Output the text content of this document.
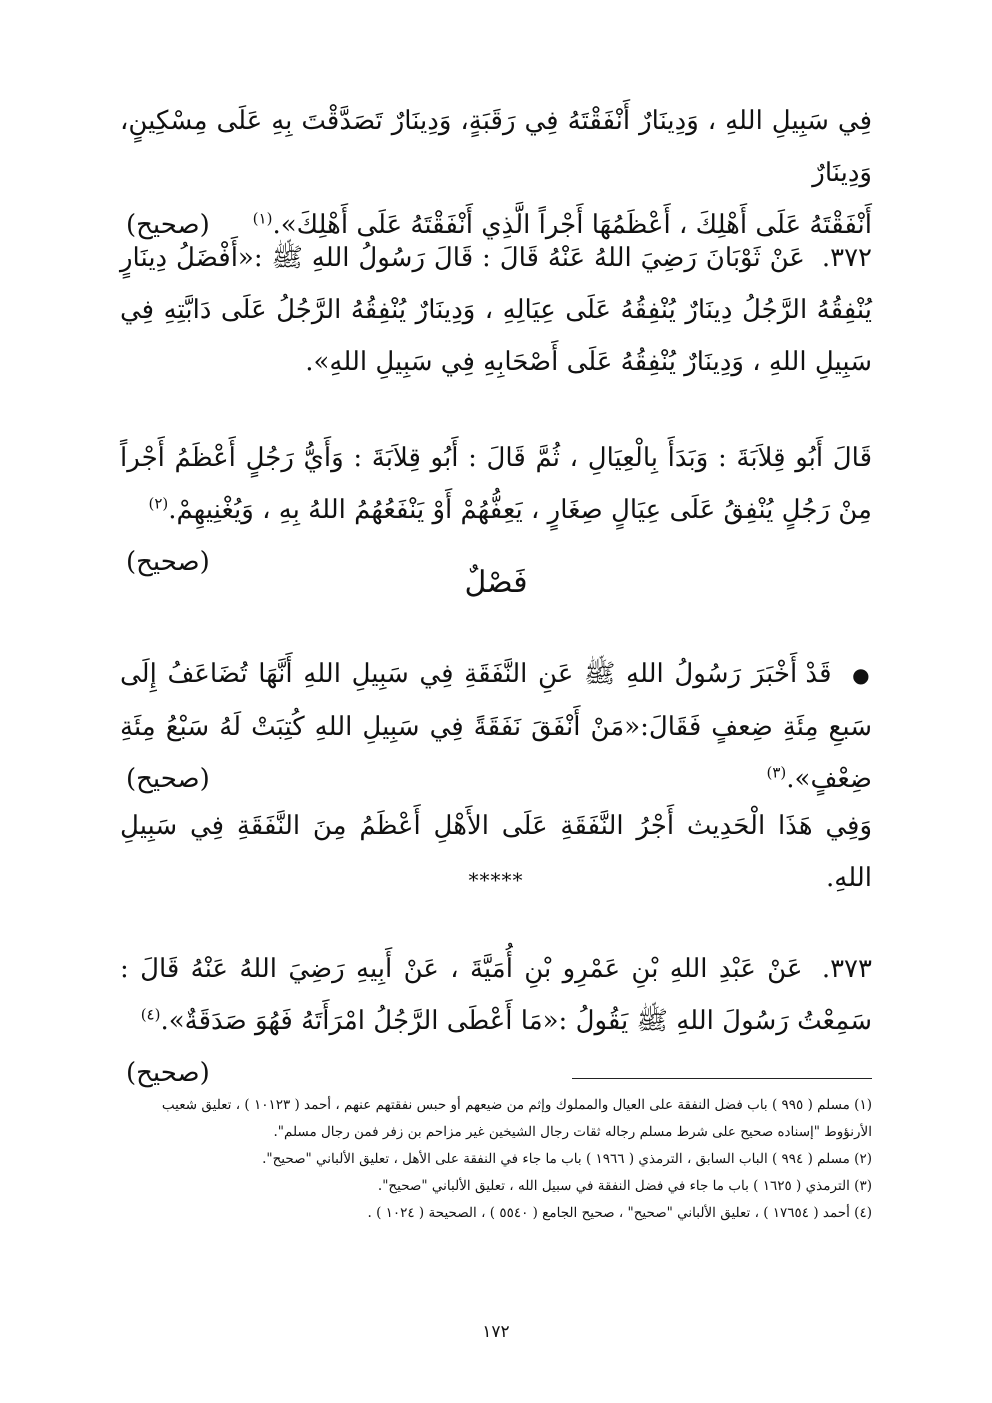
فِي سَبِيلِ اللهِ ، وَدِينَارٌ أَنْفَقْتَهُ فِي رَقَبَةٍ، وَدِينَارٌ تَصَدَّقْتَ بِهِ عَلَى مِسْكِينٍ، وَدِينَارٌ
أَنْفَقْتَهُ عَلَى أَهْلِكَ ، أَعْظَمُهَا أَجْراً الَّذِي أَنْفَقْتَهُ عَلَى أَهْلِكَ».$^{(١)}$
(صحيح)
٣٧٢. عَنْ ثَوْبَانَ رَضِيَ اللهُ عَنْهُ قَالَ : قَالَ رَسُولُ اللهِ ﷺ :«أَفْضَلُ دِينَارٍ يُنْفِقُهُ الرَّجُلُ دِينَارٌ يُنْفِقُهُ عَلَى عِيَالِهِ ، وَدِينَارٌ يُنْفِقُهُ الرَّجُلُ عَلَى دَابَّتِهِ فِي سَبِيلِ اللهِ ، وَدِينَارٌ يُنْفِقُهُ عَلَى أَصْحَابِهِ فِي سَبِيلِ اللهِ».
قَالَ أَبُو قِلاَبَةَ : وَبَدَأَ بِالْعِيَالِ ، ثُمَّ قَالَ : أَبُو قِلاَبَةَ : وَأَيُّ رَجُلٍ أَعْظَمُ أَجْراً مِنْ رَجُلٍ يُنْفِقُ عَلَى عِيَالٍ صِغَارٍ ، يَعِفُّهُمْ أَوْ يَنْفَعُهُمُ اللهُ بِهِ ، وَيُغْنِيهِمْ.$^{(٢)}$
(صحيح)
فَصْلٌ
● قَدْ أَخْبَرَ رَسُولُ اللهِ ﷺ عَنِ النَّفَقَةِ فِي سَبِيلِ اللهِ أَنَّهَا تُضَاعَفُ إِلَى سَبعِ مِئَةِ ضِعفٍ فَقَالَ:«مَنْ أَنْفَقَ نَفَقَةً فِي سَبِيلِ اللهِ كُتِبَتْ لَهُ سَبْعُ مِئَةِ ضِعْفٍ».$^{(٣)}$
(صحيح)
وَفِي هَذَا الْحَدِيث أَجْرُ النَّفَقَةِ عَلَى الأَهْلِ أَعْظَمُ مِنَ النَّفَقَةِ فِي سَبِيلِ اللهِ.
*****
٣٧٣. عَنْ عَبْدِ اللهِ بْنِ عَمْرِو بْنِ أُمَيَّةَ ، عَنْ أَبِيهِ رَضِيَ اللهُ عَنْهُ قَالَ : سَمِعْتُ رَسُولَ اللهِ ﷺ يَقُولُ :«مَا أَعْطَى الرَّجُلُ امْرَأَتَهُ فَهُوَ صَدَقَةٌ».$^{(٤)}$
(صحيح)

(١) مسلم ( ٩٩٥ ) باب فضل النفقة على العيال والمملوك وإثم من ضيعهم أو حبس نفقتهم عنهم ، أحمد ( ١٠١٢٣ ) ، تعليق شعيب الأرنؤوط "إسناده صحيح على شرط مسلم رجاله ثقات رجال الشيخين غير مزاحم بن زفر فمن رجال مسلم".

(٢) مسلم ( ٩٩٤ ) الباب السابق ، الترمذي ( ١٩٦٦ ) باب ما جاء في النفقة على الأهل ، تعليق الألباني "صحيح".

(٣) الترمذي ( ١٦٢٥ ) باب ما جاء في فضل النفقة في سبيل الله ، تعليق الألباني "صحيح".

(٤) أحمد ( ١٧٦٥٤ ) ، تعليق الألباني "صحيح" ، صحيح الجامع ( ٥٥٤٠ ) ، الصحيحة ( ١٠٢٤ ) .

١٧٢
